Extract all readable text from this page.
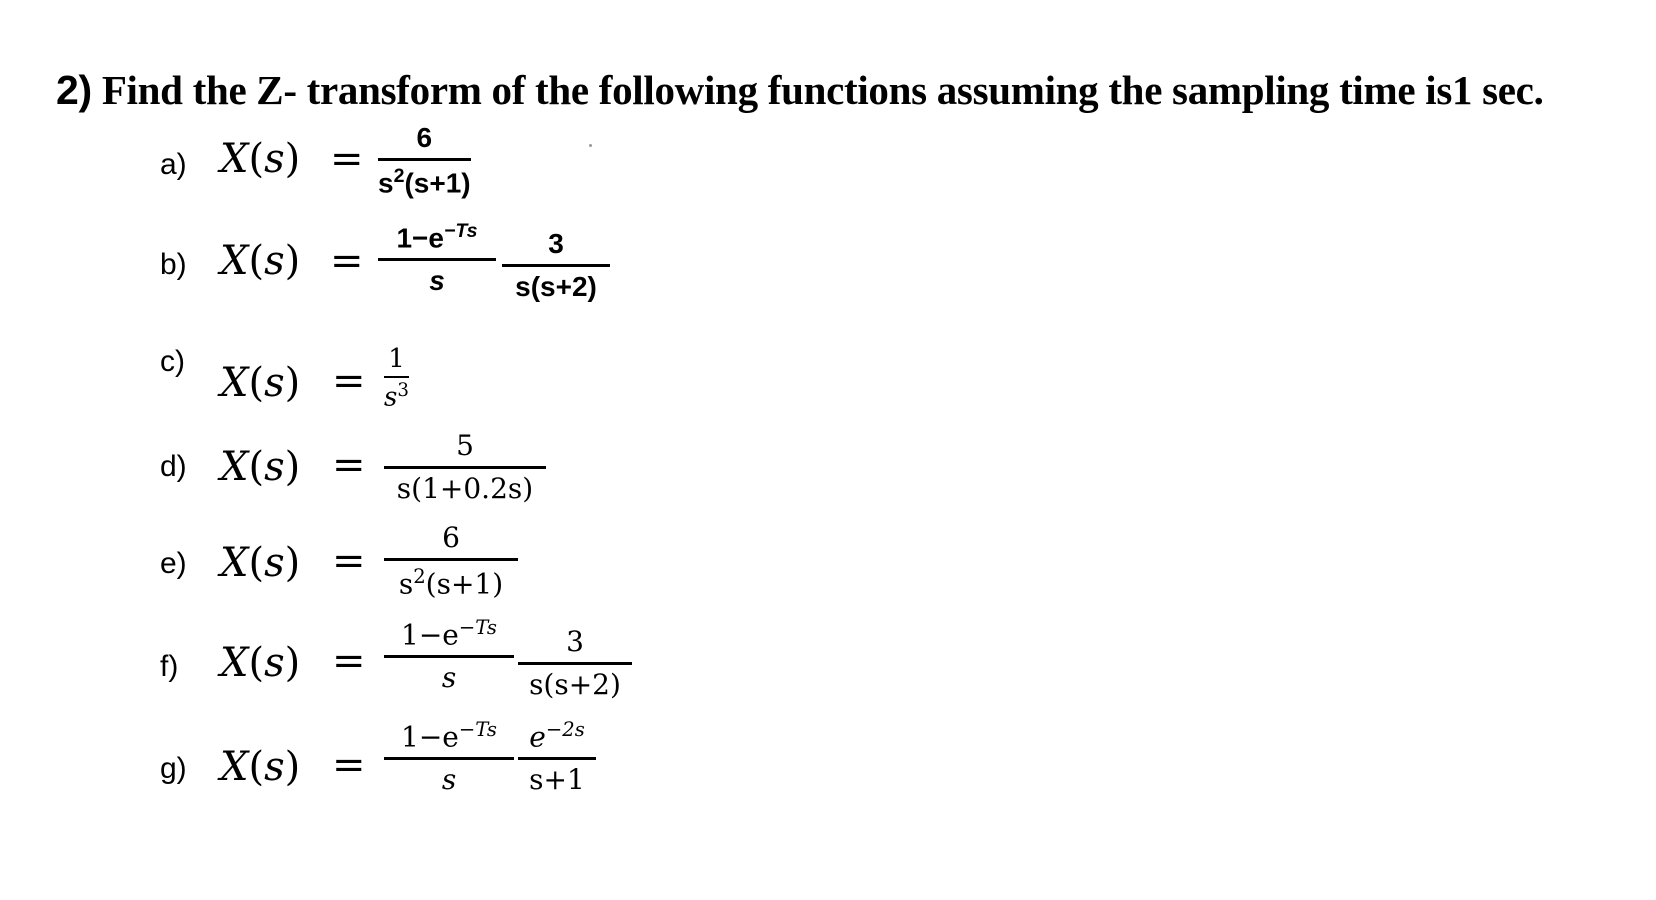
2) Find the Z- transform of the following functions assuming the sampling time is1 sec.
a) X(s) = 6
$s^2(s+1)$
b) X(s) =
$1-e^{-Ts}$
s
3
s(s+2)
c) X(s) = 1
$s^3$
d) X(s) =	5
s(1+0.2s)
e) X(s) =
6
$s^2(s+1)$
f) X(s) =
$1-e^{-Ts}$
s
3
s(s+2)
g) X(s) =
$1-e^{-Ts}$
s
$e^{-2s}$
s+1
